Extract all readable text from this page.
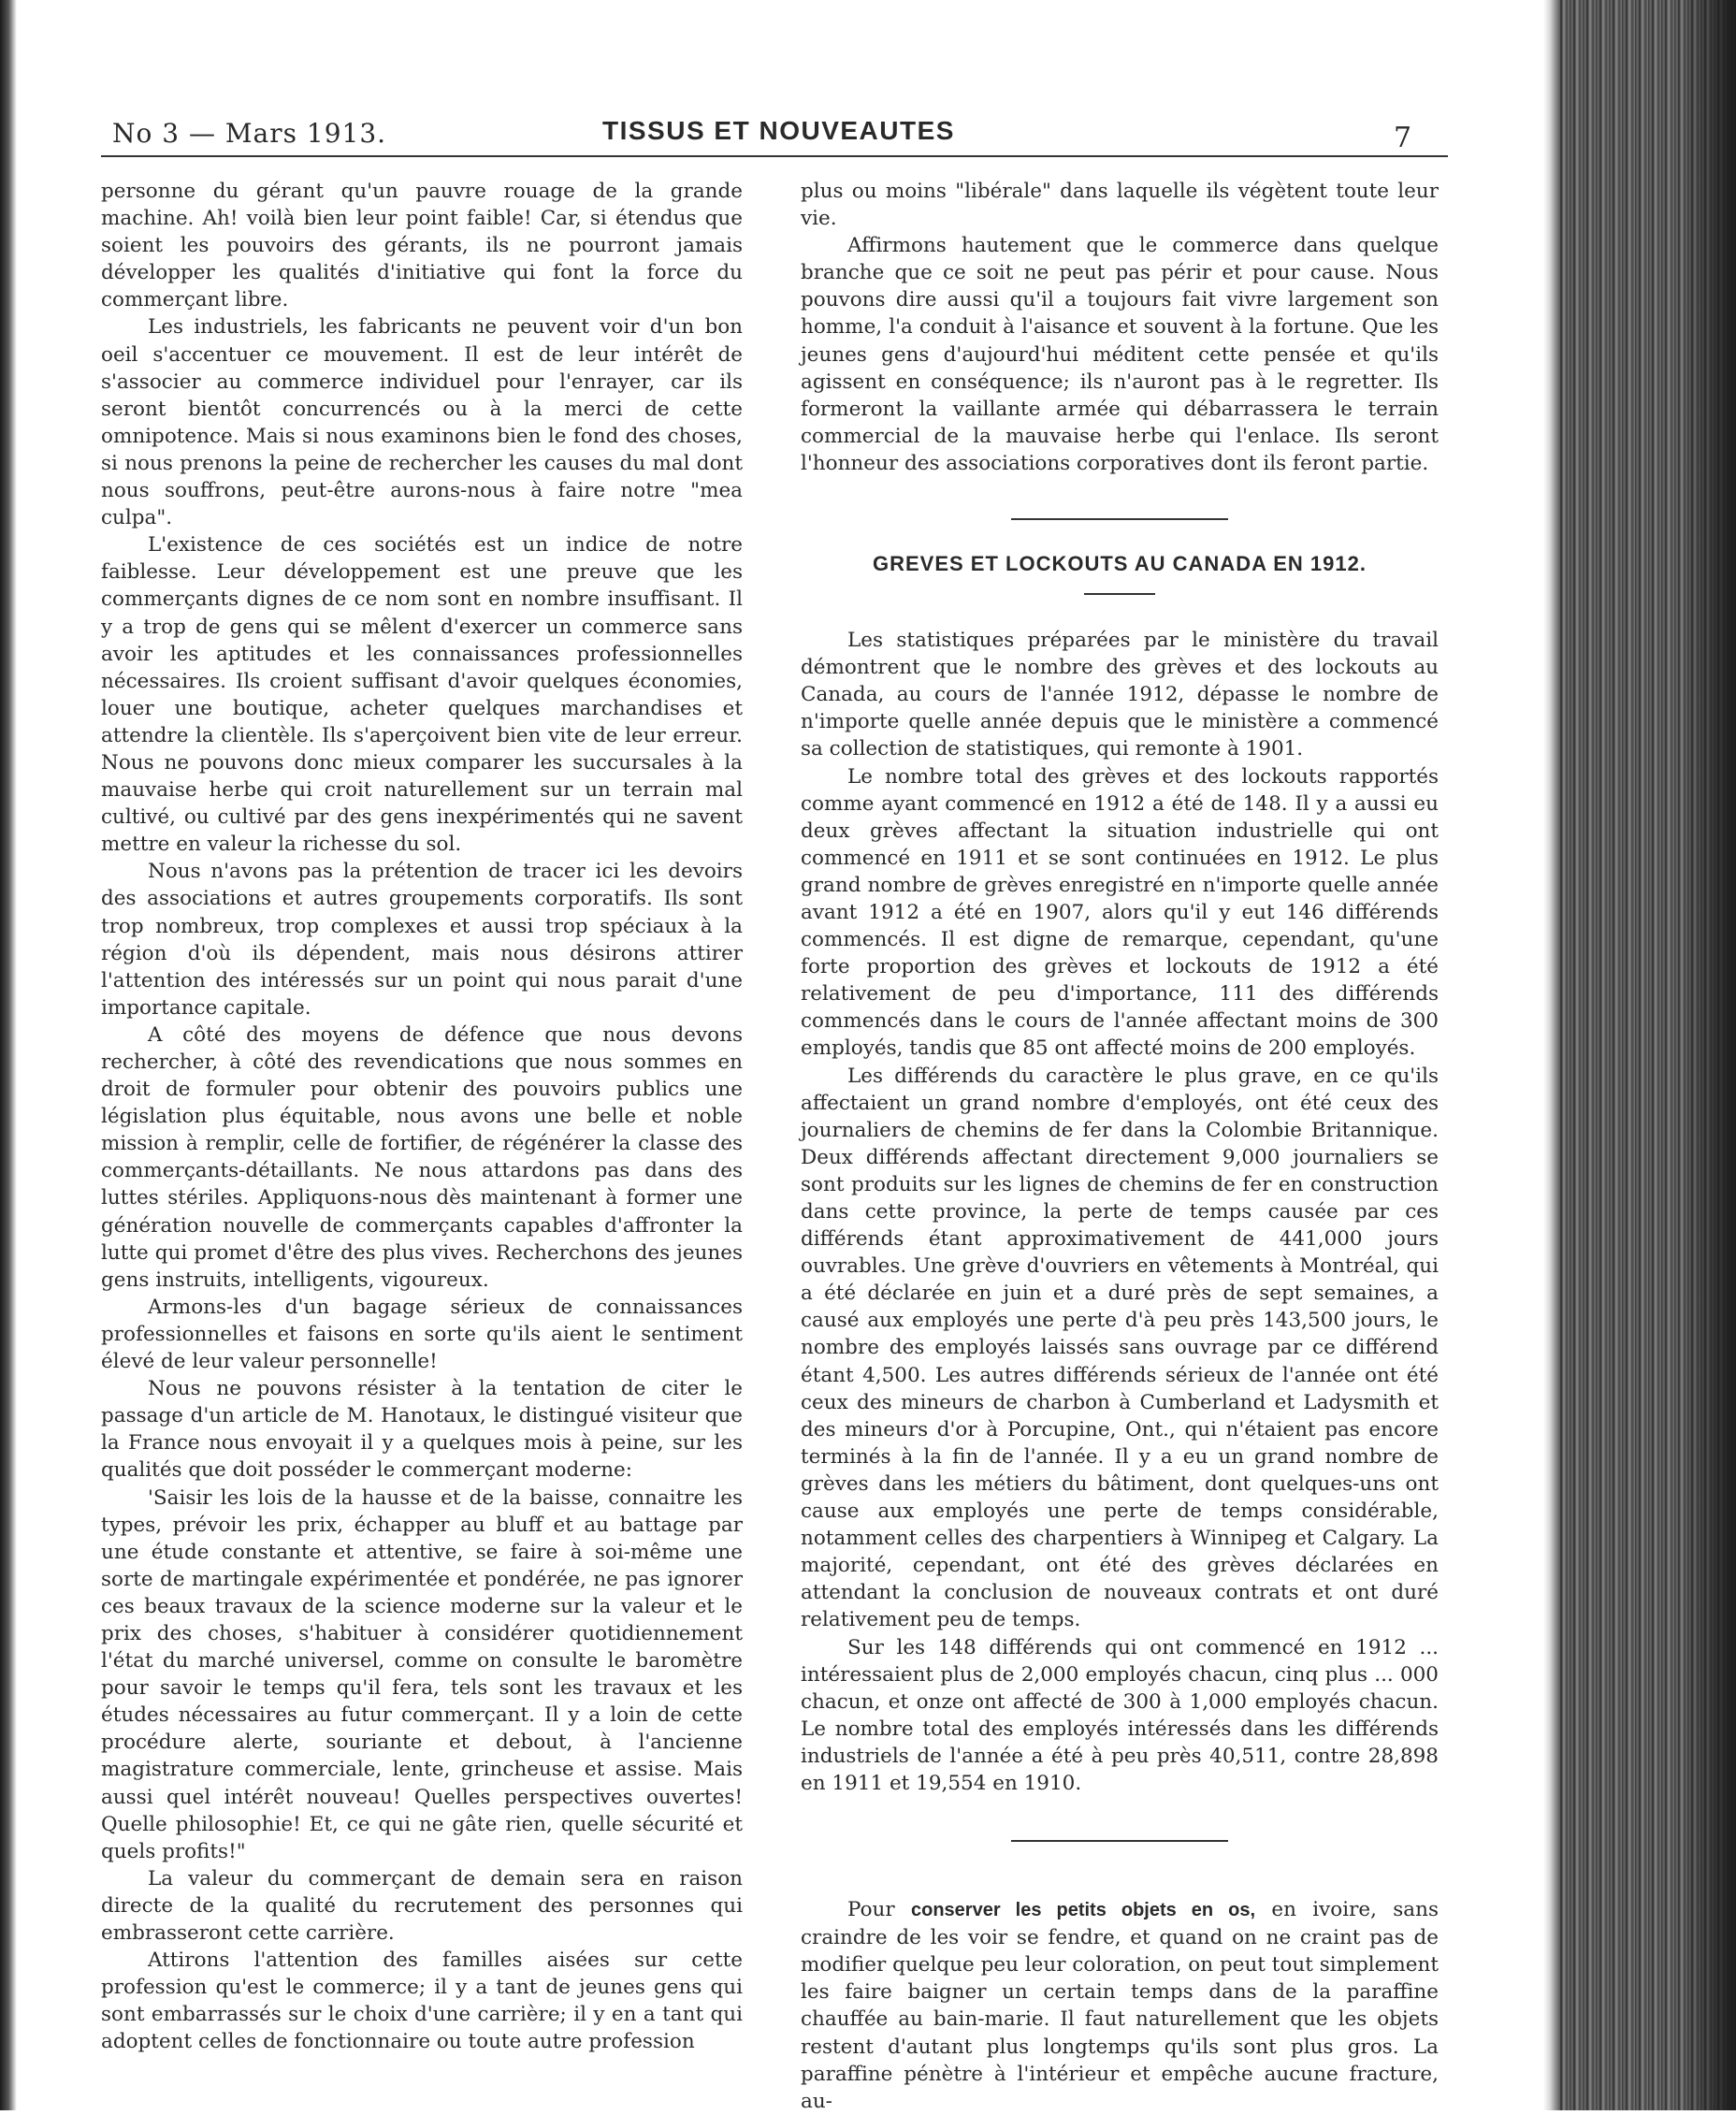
No 3 — Mars 1913.	TISSUS ET NOUVEAUTES	7

personne du gérant qu'un pauvre rouage de la grande machine. Ah! voilà bien leur point faible! Car, si étendus que soient les pouvoirs des gérants, ils ne pourront jamais développer les qualités d'initiative qui font la force du commerçant libre.

Les industriels, les fabricants ne peuvent voir d'un bon oeil s'accentuer ce mouvement. Il est de leur intérêt de s'associer au commerce individuel pour l'enrayer, car ils seront bientôt concurrencés ou à la merci de cette omnipotence. Mais si nous examinons bien le fond des choses, si nous prenons la peine de rechercher les causes du mal dont nous souffrons, peut-être aurons-nous à faire notre "mea culpa".

L'existence de ces sociétés est un indice de notre faiblesse. Leur développement est une preuve que les commerçants dignes de ce nom sont en nombre insuffisant. Il y a trop de gens qui se mêlent d'exercer un commerce sans avoir les aptitudes et les connaissances professionnelles nécessaires. Ils croient suffisant d'avoir quelques économies, louer une boutique, acheter quelques marchandises et attendre la clientèle. Ils s'aperçoivent bien vite de leur erreur. Nous ne pouvons donc mieux comparer les succursales à la mauvaise herbe qui croit naturellement sur un terrain mal cultivé, ou cultivé par des gens inexpérimentés qui ne savent mettre en valeur la richesse du sol.

Nous n'avons pas la prétention de tracer ici les devoirs des associations et autres groupements corporatifs. Ils sont trop nombreux, trop complexes et aussi trop spéciaux à la région d'où ils dépendent, mais nous désirons attirer l'attention des intéressés sur un point qui nous parait d'une importance capitale.

A côté des moyens de défence que nous devons rechercher, à côté des revendications que nous sommes en droit de formuler pour obtenir des pouvoirs publics une législation plus équitable, nous avons une belle et noble mission à remplir, celle de fortifier, de régénérer la classe des commerçants-détaillants. Ne nous attardons pas dans des luttes stériles. Appliquons-nous dès maintenant à former une génération nouvelle de commerçants capables d'affronter la lutte qui promet d'être des plus vives. Recherchons des jeunes gens instruits, intelligents, vigoureux.

Armons-les d'un bagage sérieux de connaissances professionnelles et faisons en sorte qu'ils aient le sentiment élevé de leur valeur personnelle!

Nous ne pouvons résister à la tentation de citer le passage d'un article de M. Hanotaux, le distingué visiteur que la France nous envoyait il y a quelques mois à peine, sur les qualités que doit posséder le commerçant moderne:

'Saisir les lois de la hausse et de la baisse, connaitre les types, prévoir les prix, échapper au bluff et au battage par une étude constante et attentive, se faire à soi-même une sorte de martingale expérimentée et pondérée, ne pas ignorer ces beaux travaux de la science moderne sur la valeur et le prix des choses, s'habituer à considérer quotidiennement l'état du marché universel, comme on consulte le baromètre pour savoir le temps qu'il fera, tels sont les travaux et les études nécessaires au futur commerçant. Il y a loin de cette procédure alerte, souriante et debout, à l'ancienne magistrature commerciale, lente, grincheuse et assise. Mais aussi quel intérêt nouveau! Quelles perspectives ouvertes! Quelle philosophie! Et, ce qui ne gâte rien, quelle sécurité et quels profits!"

La valeur du commerçant de demain sera en raison directe de la qualité du recrutement des personnes qui embrasseront cette carrière.

Attirons l'attention des familles aisées sur cette profession qu'est le commerce; il y a tant de jeunes gens qui sont embarrassés sur le choix d'une carrière; il y en a tant qui adoptent celles de fonctionnaire ou toute autre profession

plus ou moins "libérale" dans laquelle ils végètent toute leur vie.

Affirmons hautement que le commerce dans quelque branche que ce soit ne peut pas périr et pour cause. Nous pouvons dire aussi qu'il a toujours fait vivre largement son homme, l'a conduit à l'aisance et souvent à la fortune. Que les jeunes gens d'aujourd'hui méditent cette pensée et qu'ils agissent en conséquence; ils n'auront pas à le regretter. Ils formeront la vaillante armée qui débarrassera le terrain commercial de la mauvaise herbe qui l'enlace. Ils seront l'honneur des associations corporatives dont ils feront partie.

GREVES ET LOCKOUTS AU CANADA EN 1912.

Les statistiques préparées par le ministère du travail démontrent que le nombre des grèves et des lockouts au Canada, au cours de l'année 1912, dépasse le nombre de n'importe quelle année depuis que le ministère a commencé sa collection de statistiques, qui remonte à 1901.

Le nombre total des grèves et des lockouts rapportés comme ayant commencé en 1912 a été de 148. Il y a aussi eu deux grèves affectant la situation industrielle qui ont commencé en 1911 et se sont continuées en 1912. Le plus grand nombre de grèves enregistré en n'importe quelle année avant 1912 a été en 1907, alors qu'il y eut 146 différends commencés. Il est digne de remarque, cependant, qu'une forte proportion des grèves et lockouts de 1912 a été relativement de peu d'importance, 111 des différends commencés dans le cours de l'année affectant moins de 300 employés, tandis que 85 ont affecté moins de 200 employés.

Les différends du caractère le plus grave, en ce qu'ils affectaient un grand nombre d'employés, ont été ceux des journaliers de chemins de fer dans la Colombie Britannique. Deux différends affectant directement 9,000 journaliers se sont produits sur les lignes de chemins de fer en construction dans cette province, la perte de temps causée par ces différends étant approximativement de 441,000 jours ouvrables. Une grève d'ouvriers en vêtements à Montréal, qui a été déclarée en juin et a duré près de sept semaines, a causé aux employés une perte d'à peu près 143,500 jours, le nombre des employés laissés sans ouvrage par ce différend étant 4,500. Les autres différends sérieux de l'année ont été ceux des mineurs de charbon à Cumberland et Ladysmith et des mineurs d'or à Porcupine, Ont., qui n'étaient pas encore terminés à la fin de l'année. Il y a eu un grand nombre de grèves dans les métiers du bâtiment, dont quelques-uns ont cause aux employés une perte de temps considérable, notamment celles des charpentiers à Winnipeg et Calgary. La majorité, cependant, ont été des grèves déclarées en attendant la conclusion de nouveaux contrats et ont duré relativement peu de temps.

Sur les 148 différends qui ont commencé en 1912 ... intéressaient plus de 2,000 employés chacun, cinq plus ... 000 chacun, et onze ont affecté de 300 à 1,000 employés chacun. Le nombre total des employés intéressés dans les différends industriels de l'année a été à peu près 40,511, contre 28,898 en 1911 et 19,554 en 1910.

Pour conserver les petits objets en os, en ivoire, sans craindre de les voir se fendre, et quand on ne craint pas de modifier quelque peu leur coloration, on peut tout simplement les faire baigner un certain temps dans de la paraffine chauffée au bain-marie. Il faut naturellement que les objets restent d'autant plus longtemps qu'ils sont plus gros. La paraffine pénètre à l'intérieur et empêche aucune fracture, au-
